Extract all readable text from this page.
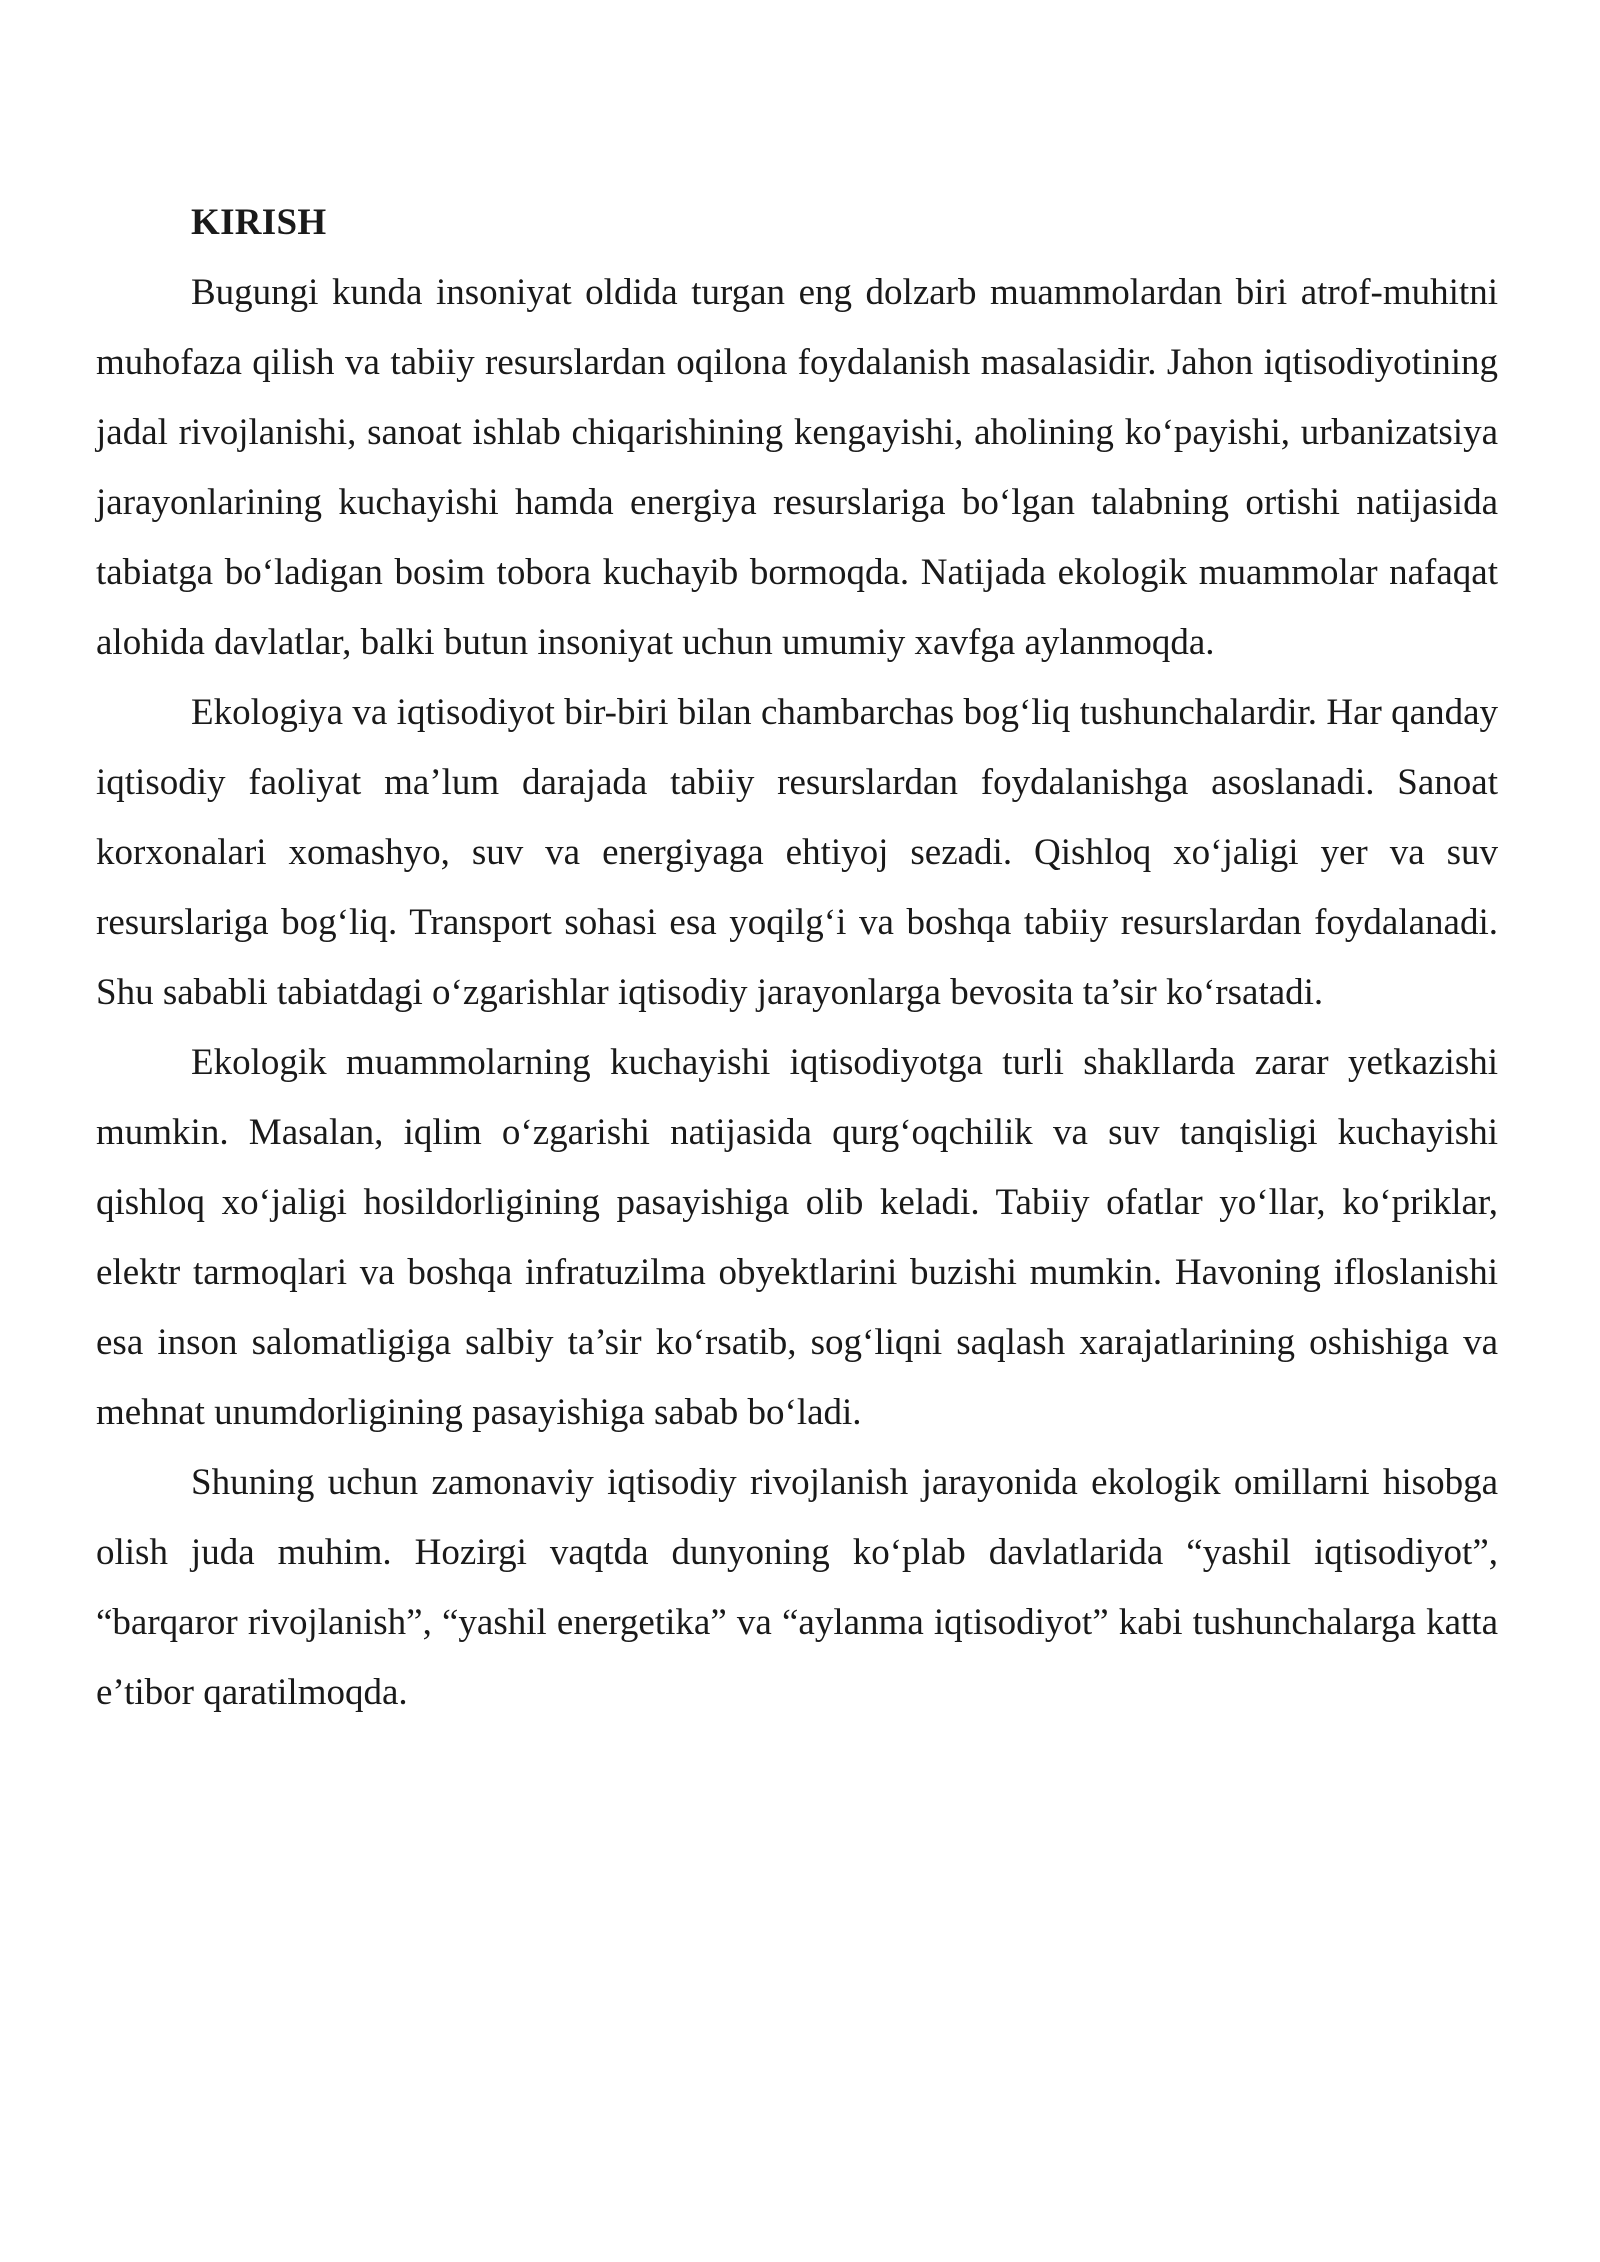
KIRISH

Bugungi kunda insoniyat oldida turgan eng dolzarb muammolardan biri atrof-muhitni muhofaza qilish va tabiiy resurslardan oqilona foydalanish masalasidir. Jahon iqtisodiyotining jadal rivojlanishi, sanoat ishlab chiqarishining kengayishi, aholining ko‘payishi, urbanizatsiya jarayonlarining kuchayishi hamda energiya resurslariga bo‘lgan talabning ortishi natijasida tabiatga bo‘ladigan bosim tobora kuchayib bormoqda. Natijada ekologik muammolar nafaqat alohida davlatlar, balki butun insoniyat uchun umumiy xavfga aylanmoqda.

Ekologiya va iqtisodiyot bir-biri bilan chambarchas bog‘liq tushunchalardir. Har qanday iqtisodiy faoliyat ma’lum darajada tabiiy resurslardan foydalanishga asoslanadi. Sanoat korxonalari xomashyo, suv va energiyaga ehtiyoj sezadi. Qishloq xo‘jaligi yer va suv resurslariga bog‘liq. Transport sohasi esa yoqilg‘i va boshqa tabiiy resurslardan foydalanadi. Shu sababli tabiatdagi o‘zgarishlar iqtisodiy jarayonlarga bevosita ta’sir ko‘rsatadi.

Ekologik muammolarning kuchayishi iqtisodiyotga turli shakllarda zarar yetkazishi mumkin. Masalan, iqlim o‘zgarishi natijasida qurg‘oqchilik va suv tanqisligi kuchayishi qishloq xo‘jaligi hosildorligining pasayishiga olib keladi. Tabiiy ofatlar yo‘llar, ko‘priklar, elektr tarmoqlari va boshqa infratuzilma obyektlarini buzishi mumkin. Havoning ifloslanishi esa inson salomatligiga salbiy ta’sir ko‘rsatib, sog‘liqni saqlash xarajatlarining oshishiga va mehnat unumdorligining pasayishiga sabab bo‘ladi.

Shuning uchun zamonaviy iqtisodiy rivojlanish jarayonida ekologik omillarni hisobga olish juda muhim. Hozirgi vaqtda dunyoning ko‘plab davlatlarida “yashil iqtisodiyot”, “barqaror rivojlanish”, “yashil energetika” va “aylanma iqtisodiyot” kabi tushunchalarga katta e’tibor qaratilmoqda.
